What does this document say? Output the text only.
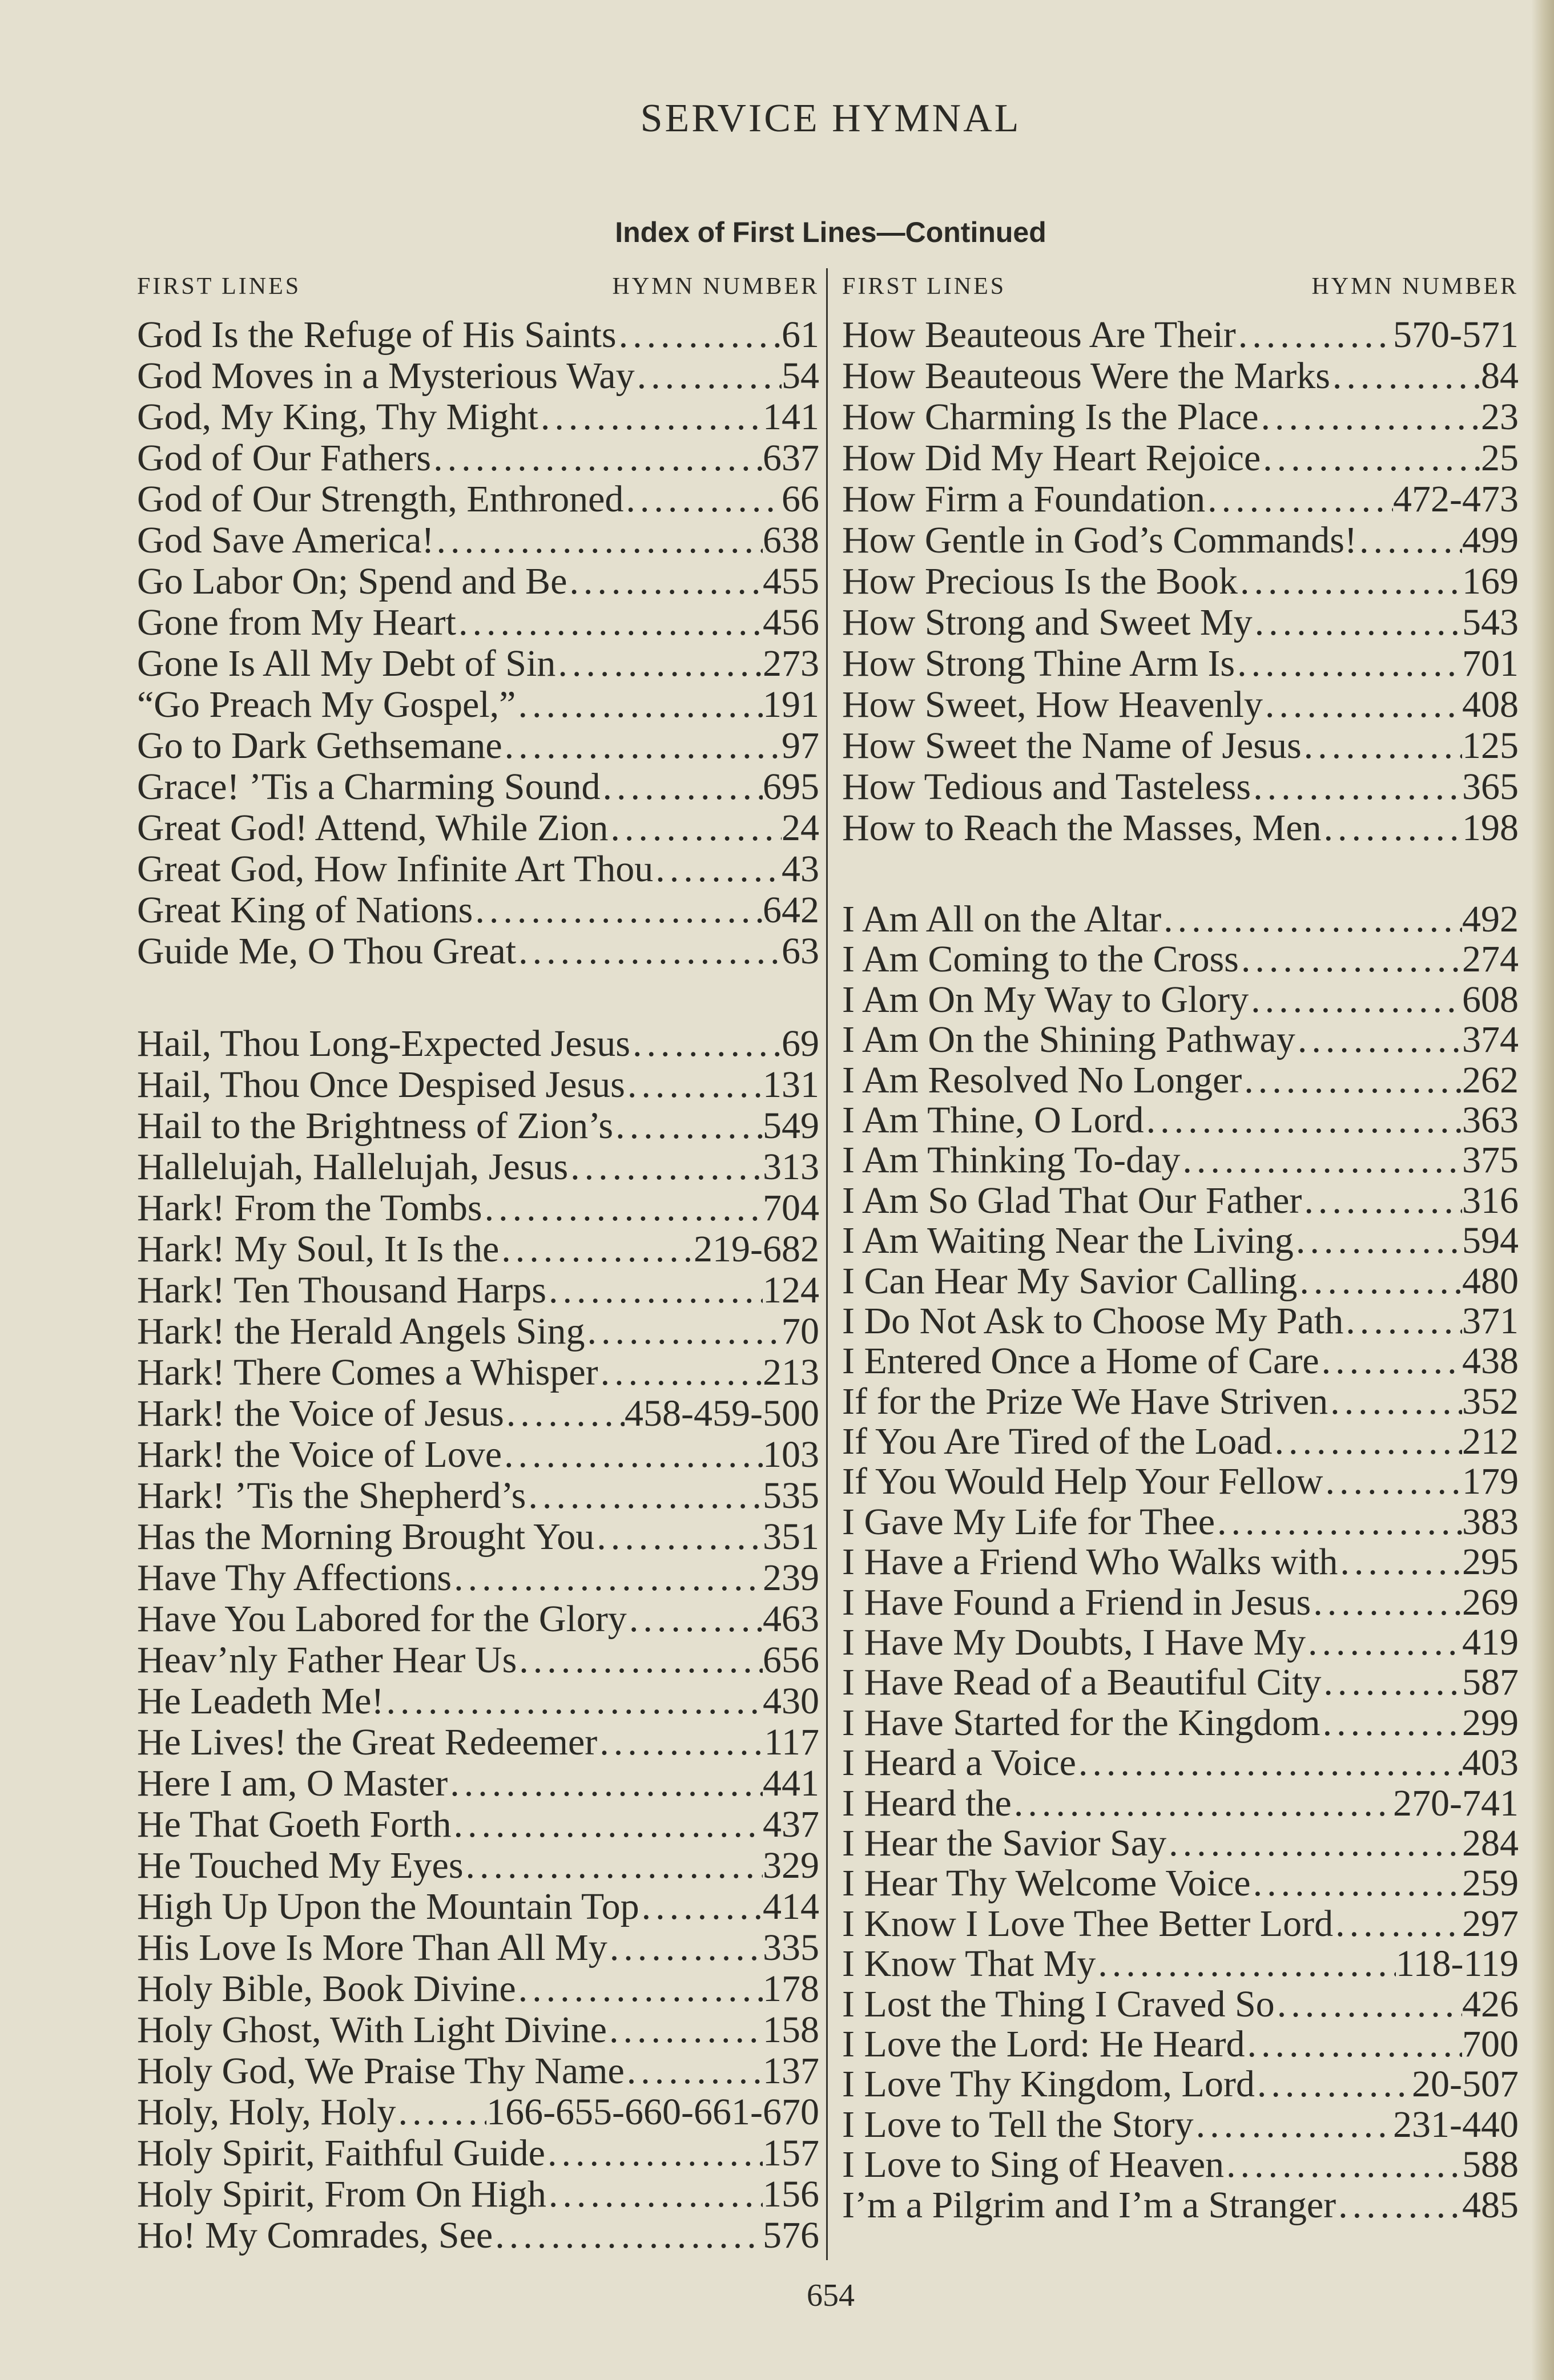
SERVICE HYMNAL
Index of First Lines—Continued
FIRST LINES	HYMN NUMBER FIRST LINES	HYMN NUMBER
God Is the Refuge of His Saints .....	61
God Moves in a Mysterious Way .....	54
God, My King, Thy Might .....	141
God of Our Fathers .....	637
God of Our Strength, Enthroned .....	66
God Save America! .....	638
Go Labor On; Spend and Be .....	455
Gone from My Heart .....	456
Gone Is All My Debt of Sin .....	273
“Go Preach My Gospel,” .....	191
Go to Dark Gethsemane .....	97
Grace! ’Tis a Charming Sound .....	695
Great God! Attend, While Zion .....	24
Great God, How Infinite Art Thou .....	43
Great King of Nations .....	642
Guide Me, O Thou Great .....	63
Hail, Thou Long-Expected Jesus .....	69
Hail, Thou Once Despised Jesus .....	131
Hail to the Brightness of Zion’s .....	549
Hallelujah, Hallelujah, Jesus .....	313
Hark! From the Tombs .....	704
Hark! My Soul, It Is the .....	219-682
Hark! Ten Thousand Harps .....	124
Hark! the Herald Angels Sing .....	70
Hark! There Comes a Whisper .....	213
Hark! the Voice of Jesus .....	458-459-500
Hark! the Voice of Love .....	103
Hark! ’Tis the Shepherd’s .....	535
Has the Morning Brought You .....	351
Have Thy Affections .....	239
Have You Labored for the Glory .....	463
Heav’nly Father Hear Us .....	656
He Leadeth Me! .....	430
He Lives! the Great Redeemer .....	117
Here I am, O Master .....	441
He That Goeth Forth .....	437
He Touched My Eyes .....	329
High Up Upon the Mountain Top .....	414
His Love Is More Than All My .....	335
Holy Bible, Book Divine .....	178
Holy Ghost, With Light Divine .....	158
Holy God, We Praise Thy Name .....	137
Holy, Holy, Holy ..... 166-655-660-661-670
Holy Spirit, Faithful Guide .....	157
Holy Spirit, From On High .....	156
Ho! My Comrades, See .....	576
How Beauteous Are Their .....	570-571
How Beauteous Were the Marks .....	84
How Charming Is the Place .....	23
How Did My Heart Rejoice .....	25
How Firm a Foundation .....	472-473
How Gentle in God’s Commands! .....	499
How Precious Is the Book .....	169
How Strong and Sweet My .....	543
How Strong Thine Arm Is .....	701
How Sweet, How Heavenly .....	408
How Sweet the Name of Jesus .....	125
How Tedious and Tasteless .....	365
How to Reach the Masses, Men .....	198
I Am All on the Altar .....	492
I Am Coming to the Cross .....	274
I Am On My Way to Glory .....	608
I Am On the Shining Pathway .....	374
I Am Resolved No Longer .....	262
I Am Thine, O Lord .....	363
I Am Thinking To-day .....	375
I Am So Glad That Our Father .....	316
I Am Waiting Near the Living .....	594
I Can Hear My Savior Calling .....	480
I Do Not Ask to Choose My Path .....	371
I Entered Once a Home of Care .....	438
If for the Prize We Have Striven .....	352
If You Are Tired of the Load .....	212
If You Would Help Your Fellow .....	179
I Gave My Life for Thee .....	383
I Have a Friend Who Walks with .....	295
I Have Found a Friend in Jesus .....	269
I Have My Doubts, I Have My .....	419
I Have Read of a Beautiful City .....	587
I Have Started for the Kingdom .....	299
I Heard a Voice .....	403
I Heard the .....	270-741
I Hear the Savior Say .....	284
I Hear Thy Welcome Voice .....	259
I Know I Love Thee Better Lord .....	297
I Know That My .....	118-119
I Lost the Thing I Craved So .....	426
I Love the Lord: He Heard .....	700
I Love Thy Kingdom, Lord .....	20-507
I Love to Tell the Story .....	231-440
I Love to Sing of Heaven .....	588
I’m a Pilgrim and I’m a Stranger .....	485
654
